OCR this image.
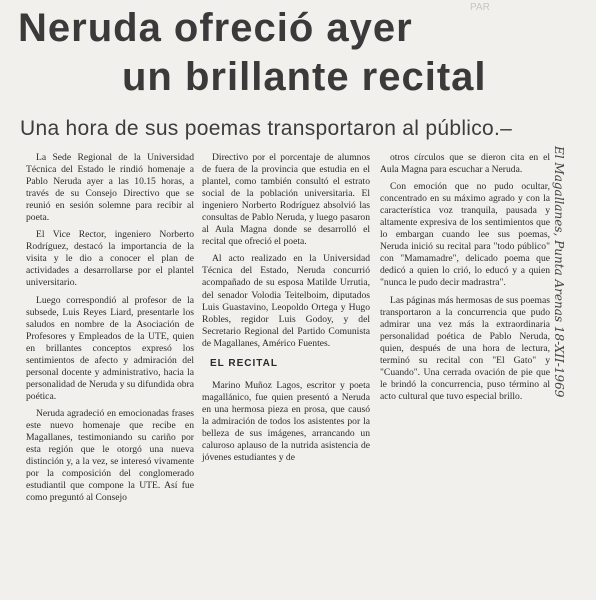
PAR
Neruda ofreció ayer
un brillante recital
Una hora de sus poemas transportaron al público.–

La Sede Regional de la Universidad Técnica del Estado le rindió homenaje a Pablo Neruda ayer a las 10.15 horas, a través de su Consejo Directivo que se reunió en sesión solemne para recibir al poeta.

El Vice Rector, ingeniero Norberto Rodríguez, destacó la importancia de la visita y le dio a conocer el plan de actividades a desarrollarse por el plantel universitario.

Luego correspondió al profesor de la subsede, Luis Reyes Liard, presentarle los saludos en nombre de la Asociación de Profesores y Empleados de la UTE, quien en brillantes conceptos expresó los sentimientos de afecto y admiración del personal docente y administrativo, hacia la personalidad de Neruda y su difundida obra poética.

Neruda agradeció en emocionadas frases este nuevo homenaje que recibe en Magallanes, testimoniando su cariño por esta región que le otorgó una nueva distinción y, a la vez, se interesó vivamente por la composición del conglomerado estudiantil que compone la UTE. Así fue como preguntó al Consejo

Directivo por el porcentaje de alumnos de fuera de la provincia que estudia en el plantel, como también consultó el estrato social de la población universitaria. El ingeniero Norberto Rodríguez absolvió las consultas de Pablo Neruda, y luego pasaron al Aula Magna donde se desarrolló el recital que ofreció el poeta.

Al acto realizado en la Universidad Técnica del Estado, Neruda concurrió acompañado de su esposa Matilde Urrutia, del senador Volodia Teitelboim, diputados Luis Guastavino, Leopoldo Ortega y Hugo Robles, regidor Luis Godoy, y del Secretario Regional del Partido Comunista de Magallanes, Américo Fuentes.

EL RECITAL

Marino Muñoz Lagos, escritor y poeta magallánico, fue quien presentó a Neruda en una hermosa pieza en prosa, que causó la admiración de todos los asistentes por la belleza de sus imágenes, arrancando un caluroso aplauso de la nutrida asistencia de jóvenes estudiantes y de

otros círculos que se dieron cita en el Aula Magna para escuchar a Neruda.

Con emoción que no pudo ocultar, concentrado en su máximo agrado y con la característica voz tranquila, pausada y altamente expresiva de los sentimientos que lo embargan cuando lee sus poemas, Neruda inició su recital para "todo público" con "Mamamadre", delicado poema que dedicó a quien lo crió, lo educó y a quien "nunca le pudo decir madrastra".

Las páginas más hermosas de sus poemas transportaron a la concurrencia que pudo admirar una vez más la extraordinaria personalidad poética de Pablo Neruda, quien, después de una hora de lectura, terminó su recital con "El Gato" y "Cuando". Una cerrada ovación de pie que le brindó la concurrencia, puso término al acto cultural que tuvo especial brillo.	El Magallanes, Punta Arenas 18-XII-1969
